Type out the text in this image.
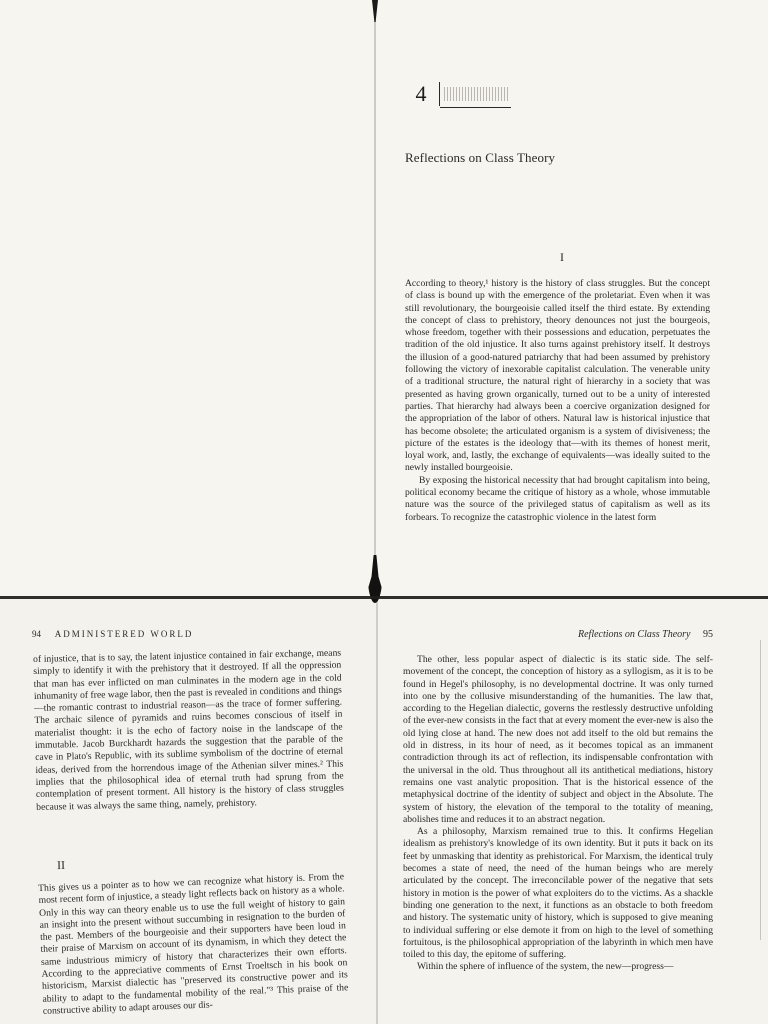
4
Reflections on Class Theory
I

According to theory,¹ history is the history of class struggles. But the concept of class is bound up with the emergence of the proletariat. Even when it was still revolutionary, the bourgeoisie called itself the third estate. By extending the concept of class to prehistory, theory denounces not just the bourgeois, whose freedom, together with their possessions and education, perpetuates the tradition of the old injustice. It also turns against prehistory itself. It destroys the illusion of a good-natured patriarchy that had been assumed by prehistory following the victory of inexorable capitalist calculation. The venerable unity of a traditional structure, the natural right of hierarchy in a society that was presented as having grown organically, turned out to be a unity of interested parties. That hierarchy had always been a coercive organization designed for the appropriation of the labor of others. Natural law is historical injustice that has become obsolete; the articulated organism is a system of divisiveness; the picture of the estates is the ideology that—with its themes of honest merit, loyal work, and, lastly, the exchange of equivalents—was ideally suited to the newly installed bourgeoisie.

By exposing the historical necessity that had brought capitalism into being, political economy became the critique of history as a whole, whose immutable nature was the source of the privileged status of capitalism as well as its forbears. To recognize the catastrophic violence in the latest form

94 ADMINISTERED WORLD

of injustice, that is to say, the latent injustice contained in fair exchange, means simply to identify it with the prehistory that it destroyed. If all the oppression that man has ever inflicted on man culminates in the modern age in the cold inhumanity of free wage labor, then the past is revealed in conditions and things—the romantic contrast to industrial reason—as the trace of former suffering. The archaic silence of pyramids and ruins becomes conscious of itself in materialist thought: it is the echo of factory noise in the landscape of the immutable. Jacob Burckhardt hazards the suggestion that the parable of the cave in Plato's Republic, with its sublime symbolism of the doctrine of eternal ideas, derived from the horrendous image of the Athenian silver mines.² This implies that the philosophical idea of eternal truth had sprung from the contemplation of present torment. All history is the history of class struggles because it was always the same thing, namely, prehistory.

II

This gives us a pointer as to how we can recognize what history is. From the most recent form of injustice, a steady light reflects back on history as a whole. Only in this way can theory enable us to use the full weight of history to gain an insight into the present without succumbing in resignation to the burden of the past. Members of the bourgeoisie and their supporters have been loud in their praise of Marxism on account of its dynamism, in which they detect the same industrious mimicry of history that characterizes their own efforts. According to the appreciative comments of Ernst Troeltsch in his book on historicism, Marxist dialectic has "preserved its constructive power and its ability to adapt to the fundamental mobility of the real."³ This praise of the constructive ability to adapt arouses our dis-

Reflections on Class Theory 95

The other, less popular aspect of dialectic is its static side. The self-movement of the concept, the conception of history as a syllogism, as it is to be found in Hegel's philosophy, is no developmental doctrine. It was only turned into one by the collusive misunderstanding of the humanities. The law that, according to the Hegelian dialectic, governs the restlessly destructive unfolding of the ever-new consists in the fact that at every moment the ever-new is also the old lying close at hand. The new does not add itself to the old but remains the old in distress, in its hour of need, as it becomes topical as an immanent contradiction through its act of reflection, its indispensable confrontation with the universal in the old. Thus throughout all its antithetical mediations, history remains one vast analytic proposition. That is the historical essence of the metaphysical doctrine of the identity of subject and object in the Absolute. The system of history, the elevation of the temporal to the totality of meaning, abolishes time and reduces it to an abstract negation.

As a philosophy, Marxism remained true to this. It confirms Hegelian idealism as prehistory's knowledge of its own identity. But it puts it back on its feet by unmasking that identity as prehistorical. For Marxism, the identical truly becomes a state of need, the need of the human beings who are merely articulated by the concept. The irreconcilable power of the negative that sets history in motion is the power of what exploiters do to the victims. As a shackle binding one generation to the next, it functions as an obstacle to both freedom and history. The systematic unity of history, which is supposed to give meaning to individual suffering or else demote it from on high to the level of something fortuitous, is the philosophical appropriation of the labyrinth in which men have toiled to this day, the epitome of suffering.

Within the sphere of influence of the system, the new—progress—
